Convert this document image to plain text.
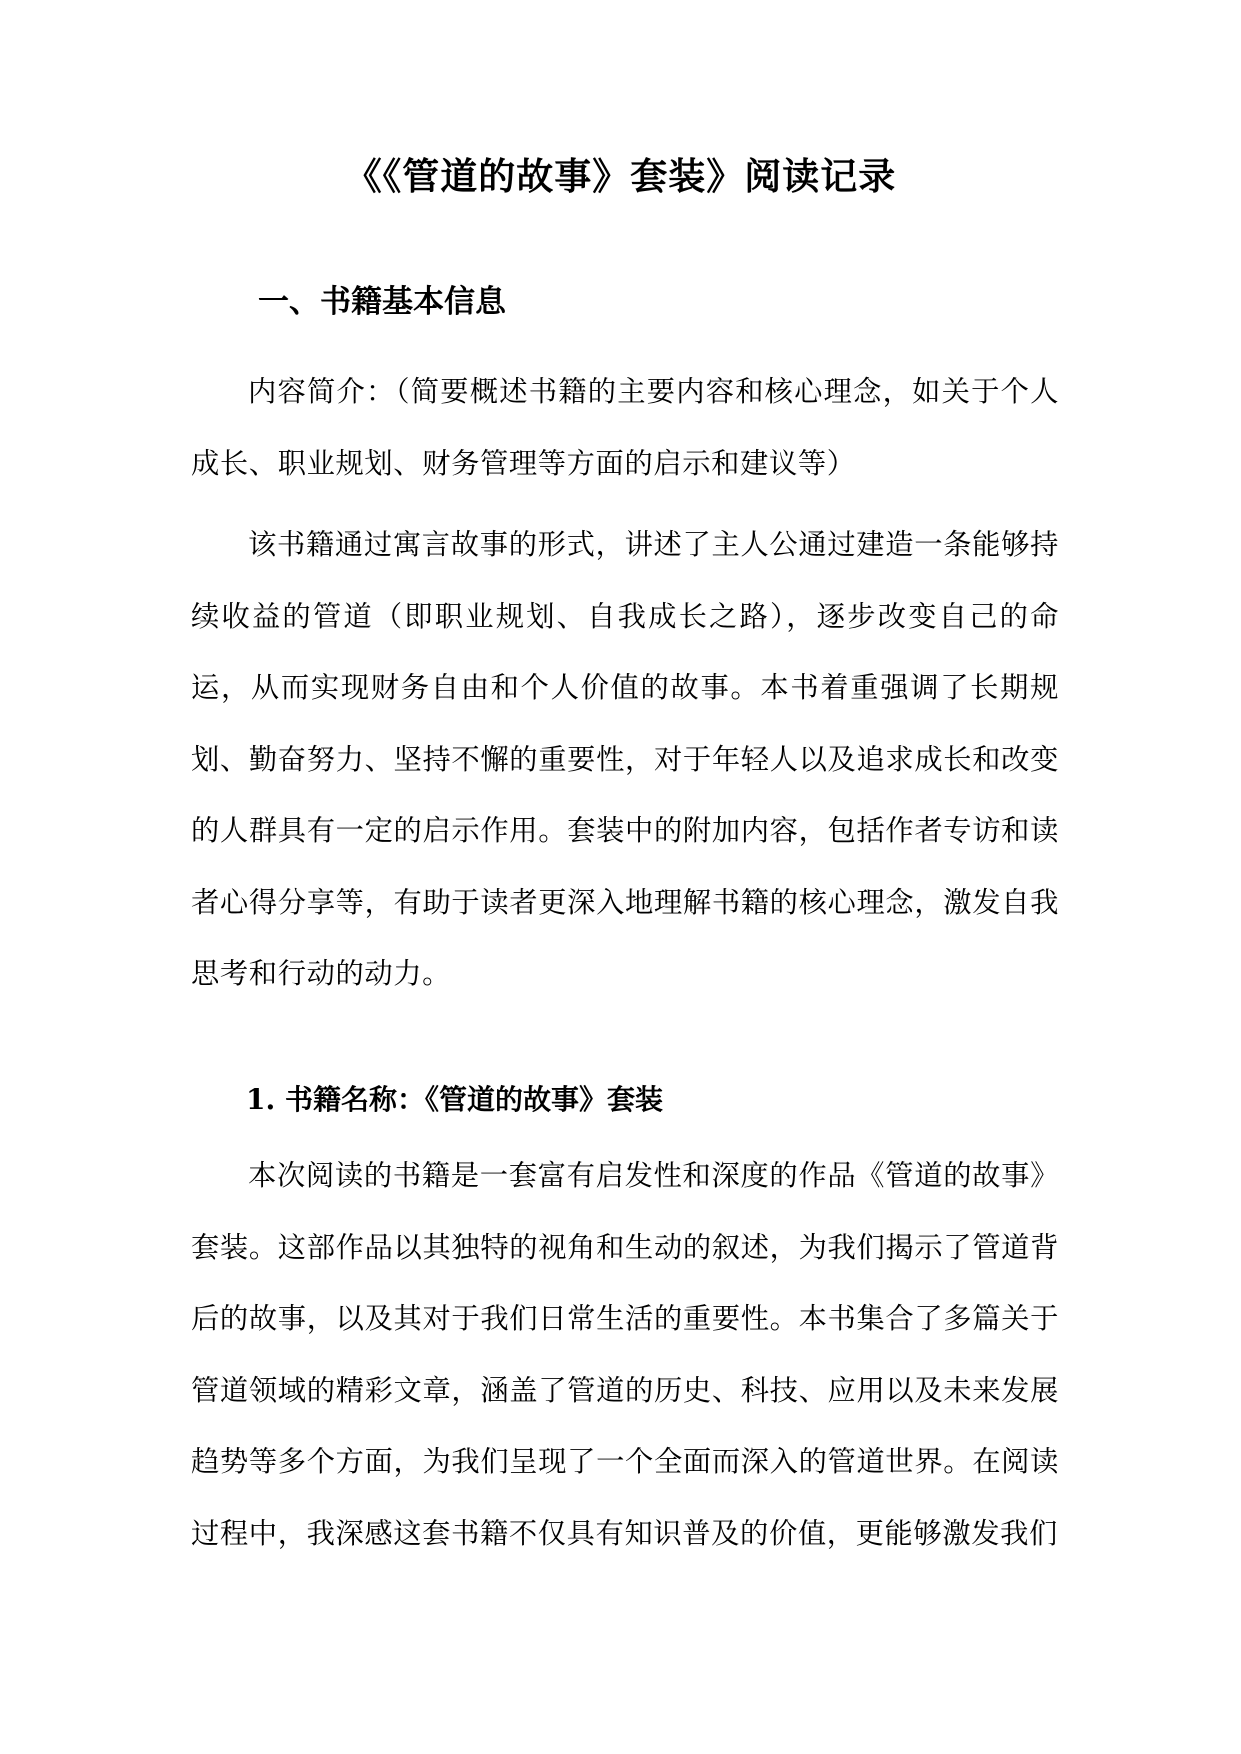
《《管道的故事》套装》阅读记录
一、书籍基本信息

内容简介：（简要概述书籍的主要内容和核心理念，如关于个人成长、职业规划、财务管理等方面的启示和建议等）

该书籍通过寓言故事的形式，讲述了主人公通过建造一条能够持续收益的管道（即职业规划、自我成长之路），逐步改变自己的命运，从而实现财务自由和个人价值的故事。本书着重强调了长期规划、勤奋努力、坚持不懈的重要性，对于年轻人以及追求成长和改变的人群具有一定的启示作用。套装中的附加内容，包括作者专访和读者心得分享等，有助于读者更深入地理解书籍的核心理念，激发自我思考和行动的动力。

1. 书籍名称：《管道的故事》套装

本次阅读的书籍是一套富有启发性和深度的作品《管道的故事》套装。这部作品以其独特的视角和生动的叙述，为我们揭示了管道背后的故事，以及其对于我们日常生活的重要性。本书集合了多篇关于管道领域的精彩文章，涵盖了管道的历史、科技、应用以及未来发展趋势等多个方面，为我们呈现了一个全面而深入的管道世界。在阅读过程中，我深感这套书籍不仅具有知识普及的价值，更能够激发我们
